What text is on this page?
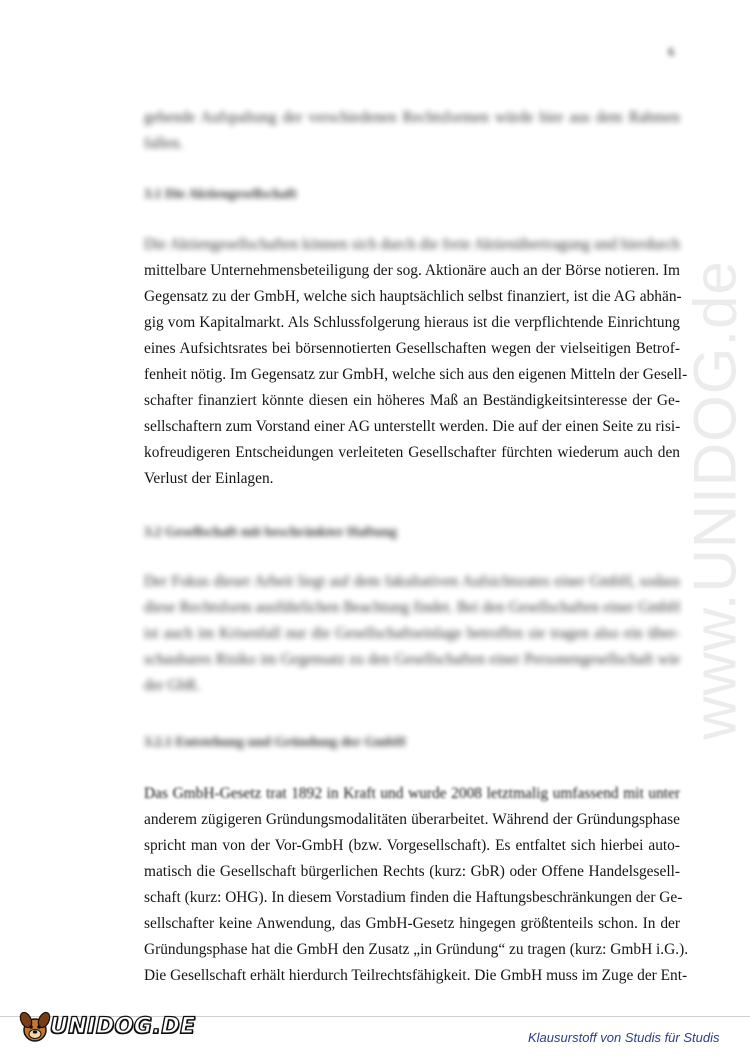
www.UNIDOG.de
6
gehende Aufspaltung der verschiedenen Rechtsformen würde hier aus dem Rahmen
fallen.
3.1 Die Aktiengesellschaft
Die Aktiengesellschaften können sich durch die freie Aktienübertragung und hierdurch
mittelbare Unternehmensbeteiligung der sog. Aktionäre auch an der Börse notieren. Im
Gegensatz zu der GmbH, welche sich hauptsächlich selbst finanziert, ist die AG abhän-
gig vom Kapitalmarkt. Als Schlussfolgerung hieraus ist die verpflichtende Einrichtung
eines Aufsichtsrates bei börsennotierten Gesellschaften wegen der vielseitigen Betrof-
fenheit nötig. Im Gegensatz zur GmbH, welche sich aus den eigenen Mitteln der Gesell-
schafter finanziert könnte diesen ein höheres Maß an Beständigkeitsinteresse der Ge-
sellschaftern zum Vorstand einer AG unterstellt werden. Die auf der einen Seite zu risi-
kofreudigeren Entscheidungen verleiteten Gesellschafter fürchten wiederum auch den
Verlust der Einlagen.
3.2 Gesellschaft mit beschränkter Haftung
Der Fokus dieser Arbeit liegt auf dem fakultativen Aufsichtsrates einer GmbH, sodass
diese Rechtsform ausführlichen Beachtung findet. Bei den Gesellschaften einer GmbH
ist auch im Krisenfall nur die Gesellschaftseinlage betroffen sie tragen also ein über-
schaubares Risiko im Gegensatz zu den Gesellschaften einer Personengesellschaft wie
der GbR.
3.2.1 Entstehung und Gründung der GmbH
Das GmbH-Gesetz trat 1892 in Kraft und wurde 2008 letztmalig umfassend mit unter
anderem zügigeren Gründungsmodalitäten überarbeitet. Während der Gründungsphase
spricht man von der Vor-GmbH (bzw. Vorgesellschaft). Es entfaltet sich hierbei auto-
matisch die Gesellschaft bürgerlichen Rechts (kurz: GbR) oder Offene Handelsgesell-
schaft (kurz: OHG). In diesem Vorstadium finden die Haftungsbeschränkungen der Ge-
sellschafter keine Anwendung, das GmbH-Gesetz hingegen größtenteils schon. In der
Gründungsphase hat die GmbH den Zusatz „in Gründung“ zu tragen (kurz: GmbH i.G.).
Die Gesellschaft erhält hierdurch Teilrechtsfähigkeit. Die GmbH muss im Zuge der Ent-
UNIDOG.DE	Klausurstoff von Studis für Studis
